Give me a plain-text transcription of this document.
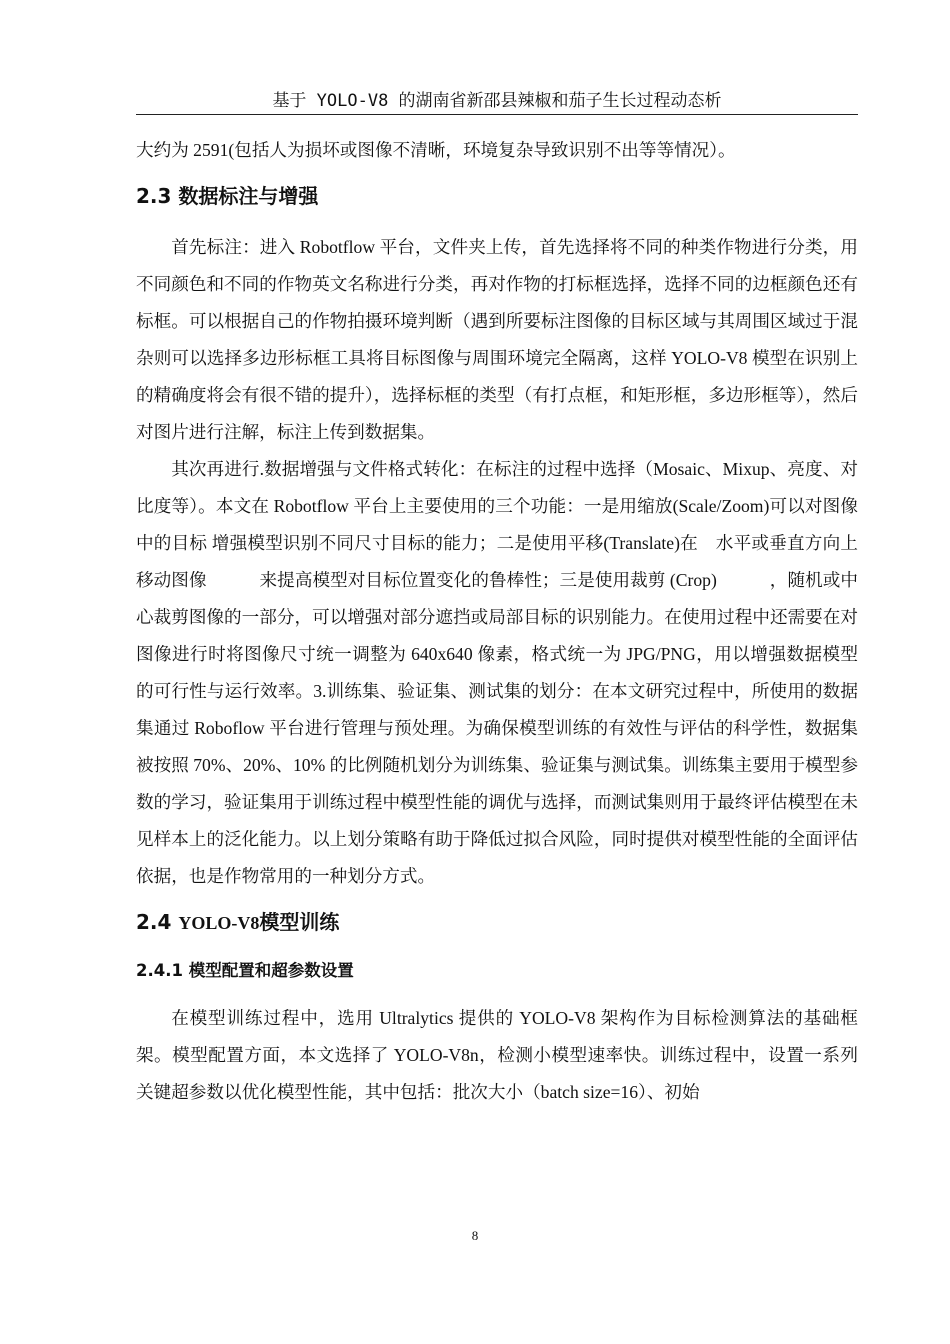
基于 YOLO-V8 的湖南省新邵县辣椒和茄子生长过程动态析

大约为 2591(包括人为损坏或图像不清晰，环境复杂导致识别不出等等情况）。

2.3 数据标注与增强

首先标注：进入 Robotflow 平台，文件夹上传，首先选择将不同的种类作物进行分类，用不同颜色和不同的作物英文名称进行分类，再对作物的打标框选择，选择不同的边框颜色还有标框。可以根据自己的作物拍摄环境判断（遇到所要标注图像的目标区域与其周围区域过于混杂则可以选择多边形标框工具将目标图像与周围环境完全隔离，这样 YOLO-V8 模型在识别上的精确度将会有很不错的提升），选择标框的类型（有打点框，和矩形框，多边形框等），然后对图片进行注解，标注上传到数据集。

其次再进行.数据增强与文件格式转化：在标注的过程中选择（Mosaic、Mixup、亮度、对比度等）。本文在 Robotflow 平台上主要使用的三个功能：一是用缩放(Scale/Zoom)可以对图像中的目标 增强模型识别不同尺寸目标的能力；二是使用平移(Translate)在　水平或垂直方向上移动图像　　　来提高模型对目标位置变化的鲁棒性；三是使用裁剪 (Crop)　　　，随机或中心裁剪图像的一部分，可以增强对部分遮挡或局部目标的识别能力。在使用过程中还需要在对图像进行时将图像尺寸统一调整为 640x640 像素，格式统一为 JPG/PNG，用以增强数据模型的可行性与运行效率。3.训练集、验证集、测试集的划分：在本文研究过程中，所使用的数据集通过 Roboflow 平台进行管理与预处理。为确保模型训练的有效性与评估的科学性，数据集被按照 70%、20%、10% 的比例随机划分为训练集、验证集与测试集。训练集主要用于模型参数的学习，验证集用于训练过程中模型性能的调优与选择，而测试集则用于最终评估模型在未见样本上的泛化能力。以上划分策略有助于降低过拟合风险，同时提供对模型性能的全面评估依据，也是作物常用的一种划分方式。

2.4 YOLO-V8模型训练
2.4.1 模型配置和超参数设置

在模型训练过程中，选用 Ultralytics 提供的 YOLO-V8 架构作为目标检测算法的基础框架。模型配置方面，本文选择了 YOLO-V8n，检测小模型速率快。训练过程中，设置一系列关键超参数以优化模型性能，其中包括：批次大小（batch size=16）、初始

8
